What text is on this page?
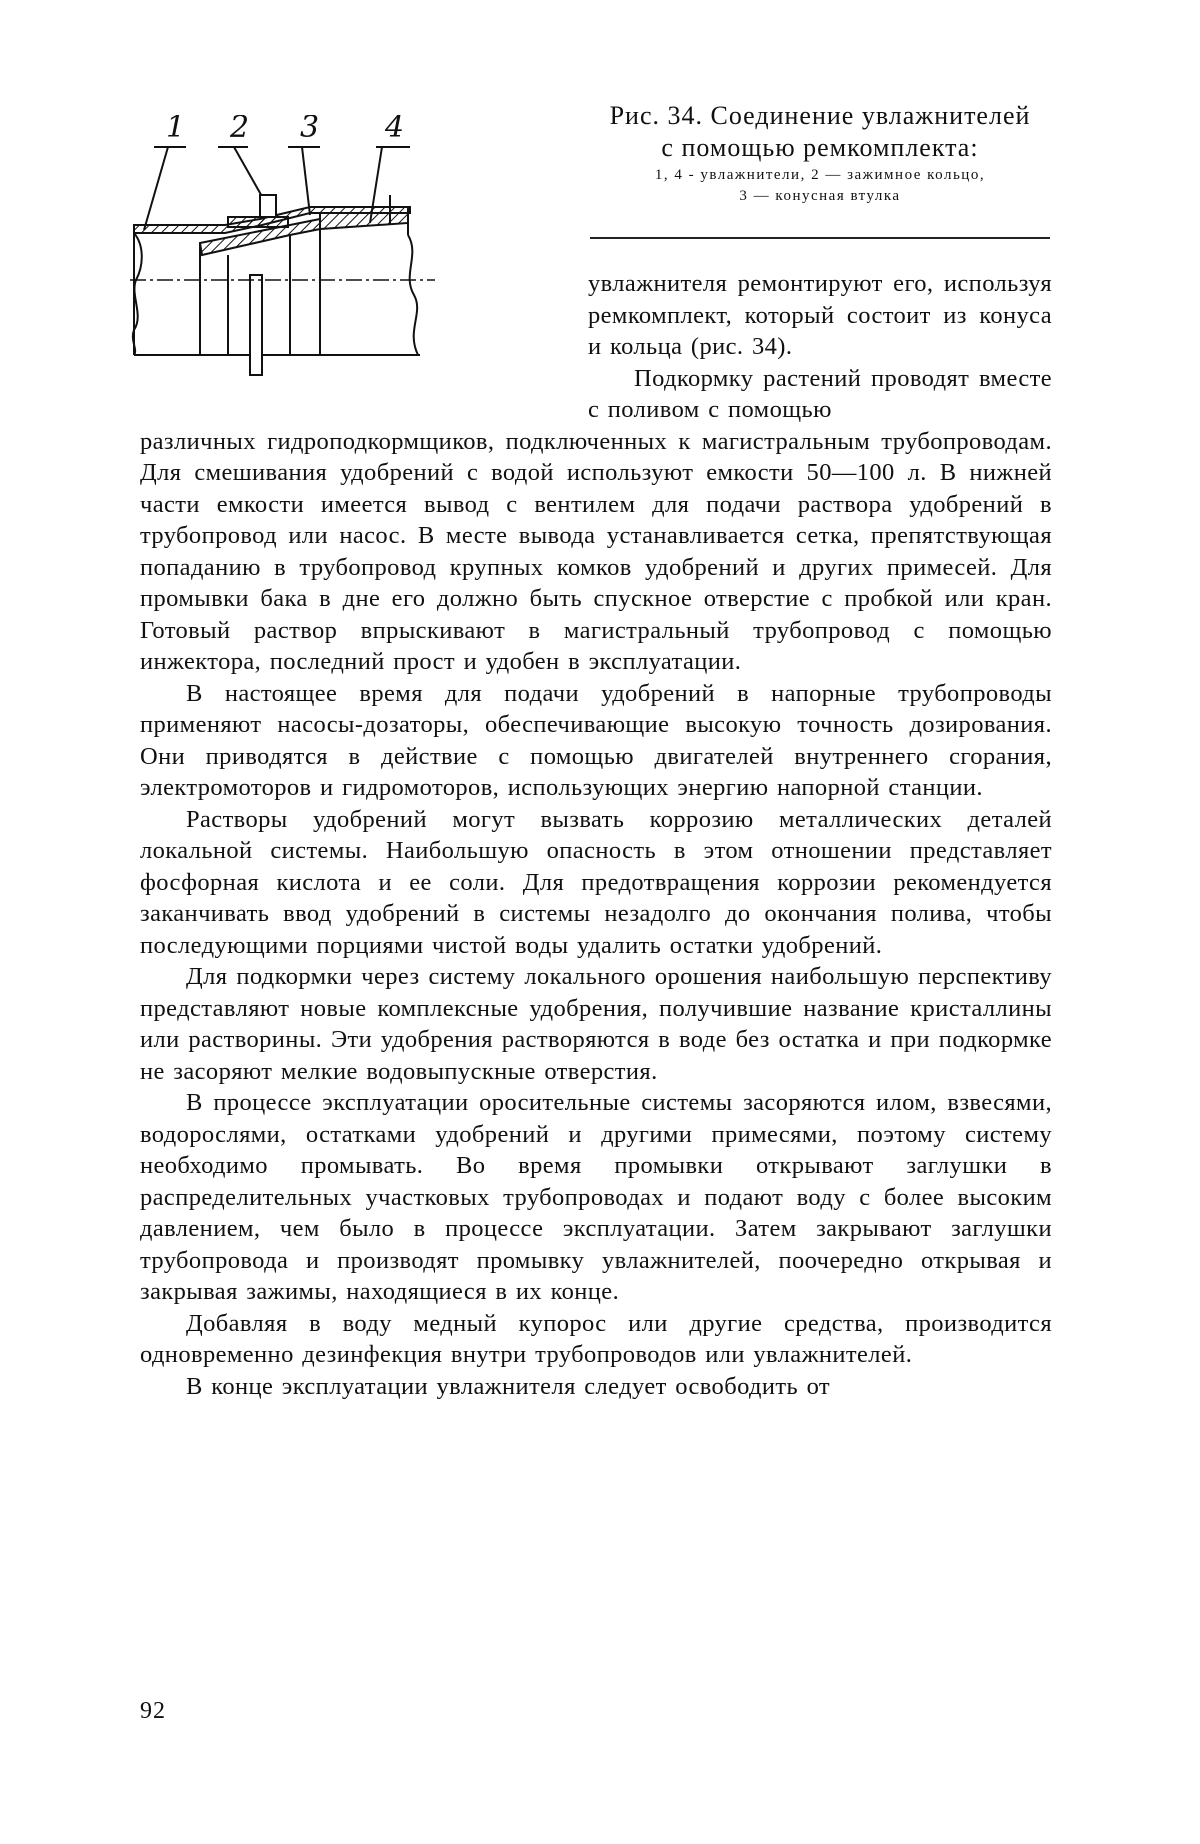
1 2 3 4	Рис. 34. Соединение увлажнителей

с помощью ремкомплекта:

1, 4 - увлажнители, 2 — зажимное кольцо,
3 — конусная втулка

увлажнителя ремонтируют его, используя ремкомплект, который состоит из конуса и кольца (рис. 34).

Подкормку растений проводят вместе с поливом с помощью

различных гидроподкормщиков, подключенных к магистральным трубопроводам. Для смешивания удобрений с водой используют емкости 50—100 л. В нижней части емкости имеется вывод с вентилем для подачи раствора удобрений в трубопровод или насос. В месте вывода устанавливается сетка, препятствующая попаданию в трубопровод крупных комков удобрений и других примесей. Для промывки бака в дне его должно быть спускное отверстие с пробкой или кран. Готовый раствор впрыскивают в магистральный трубопровод с помощью инжектора, последний прост и удобен в эксплуатации.

В настоящее время для подачи удобрений в напорные трубопроводы применяют насосы-дозаторы, обеспечивающие высокую точность дозирования. Они приводятся в действие с помощью двигателей внутреннего сгорания, электромоторов и гидромоторов, использующих энергию напорной станции.

Растворы удобрений могут вызвать коррозию металлических деталей локальной системы. Наибольшую опасность в этом отношении представляет фосфорная кислота и ее соли. Для предотвращения коррозии рекомендуется заканчивать ввод удобрений в системы незадолго до окончания полива, чтобы последующими порциями чистой воды удалить остатки удобрений.

Для подкормки через систему локального орошения наибольшую перспективу представляют новые комплексные удобрения, получившие название кристаллины или растворины. Эти удобрения растворяются в воде без остатка и при подкормке не засоряют мелкие водовыпускные отверстия.

В процессе эксплуатации оросительные системы засоряются илом, взвесями, водорослями, остатками удобрений и другими примесями, поэтому систему необходимо промывать. Во время промывки открывают заглушки в распределительных участковых трубопроводах и подают воду с более высоким давлением, чем было в процессе эксплуатации. Затем закрывают заглушки трубопровода и производят промывку увлажнителей, поочередно открывая и закрывая зажимы, находящиеся в их конце.

Добавляя в воду медный купорос или другие средства, производится одновременно дезинфекция внутри трубопроводов или увлажнителей.

В конце эксплуатации увлажнителя следует освободить от

92
